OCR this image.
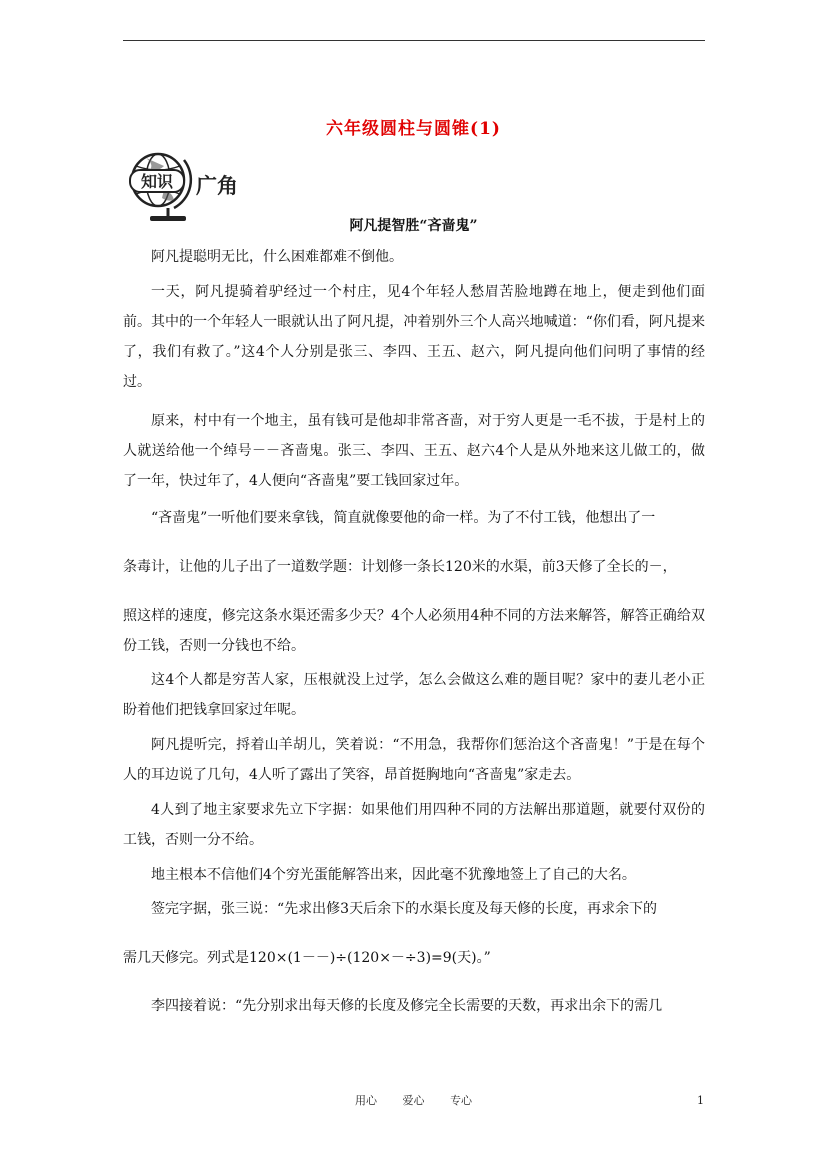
六年级圆柱与圆锥(1)
知识 广角
阿凡提智胜“吝啬鬼”

阿凡提聪明无比，什么困难都难不倒他。

一天，阿凡提骑着驴经过一个村庄，见4个年轻人愁眉苦脸地蹲在地上，便走到他们面前。其中的一个年轻人一眼就认出了阿凡提，冲着别外三个人高兴地喊道：“你们看，阿凡提来了，我们有救了。”这4个人分别是张三、李四、王五、赵六，阿凡提向他们问明了事情的经过。

原来，村中有一个地主，虽有钱可是他却非常吝啬，对于穷人更是一毛不拔，于是村上的人就送给他一个绰号－－吝啬鬼。张三、李四、王五、赵六4个人是从外地来这儿做工的，做了一年，快过年了，4人便向“吝啬鬼”要工钱回家过年。

“吝啬鬼”一听他们要来拿钱，简直就像要他的命一样。为了不付工钱，他想出了一

条毒计，让他的儿子出了一道数学题：计划修一条长120米的水渠，前3天修了全长的－，

照这样的速度，修完这条水渠还需多少天？4个人必须用4种不同的方法来解答，解答正确给双份工钱，否则一分钱也不给。

这4个人都是穷苦人家，压根就没上过学，怎么会做这么难的题目呢？家中的妻儿老小正盼着他们把钱拿回家过年呢。

阿凡提听完，捋着山羊胡儿，笑着说：“不用急，我帮你们惩治这个吝啬鬼！”于是在每个人的耳边说了几句，4人听了露出了笑容，昂首挺胸地向“吝啬鬼”家走去。

4人到了地主家要求先立下字据：如果他们用四种不同的方法解出那道题，就要付双份的工钱，否则一分不给。

地主根本不信他们4个穷光蛋能解答出来，因此毫不犹豫地签上了自己的大名。

签完字据，张三说：“先求出修3天后余下的水渠长度及每天修的长度，再求余下的

需几天修完。列式是120×(1－－)÷(120×－÷3)=9(天)。”

李四接着说：“先分别求出每天修的长度及修完全长需要的天数，再求出余下的需几

用心 爱心 专心	1
